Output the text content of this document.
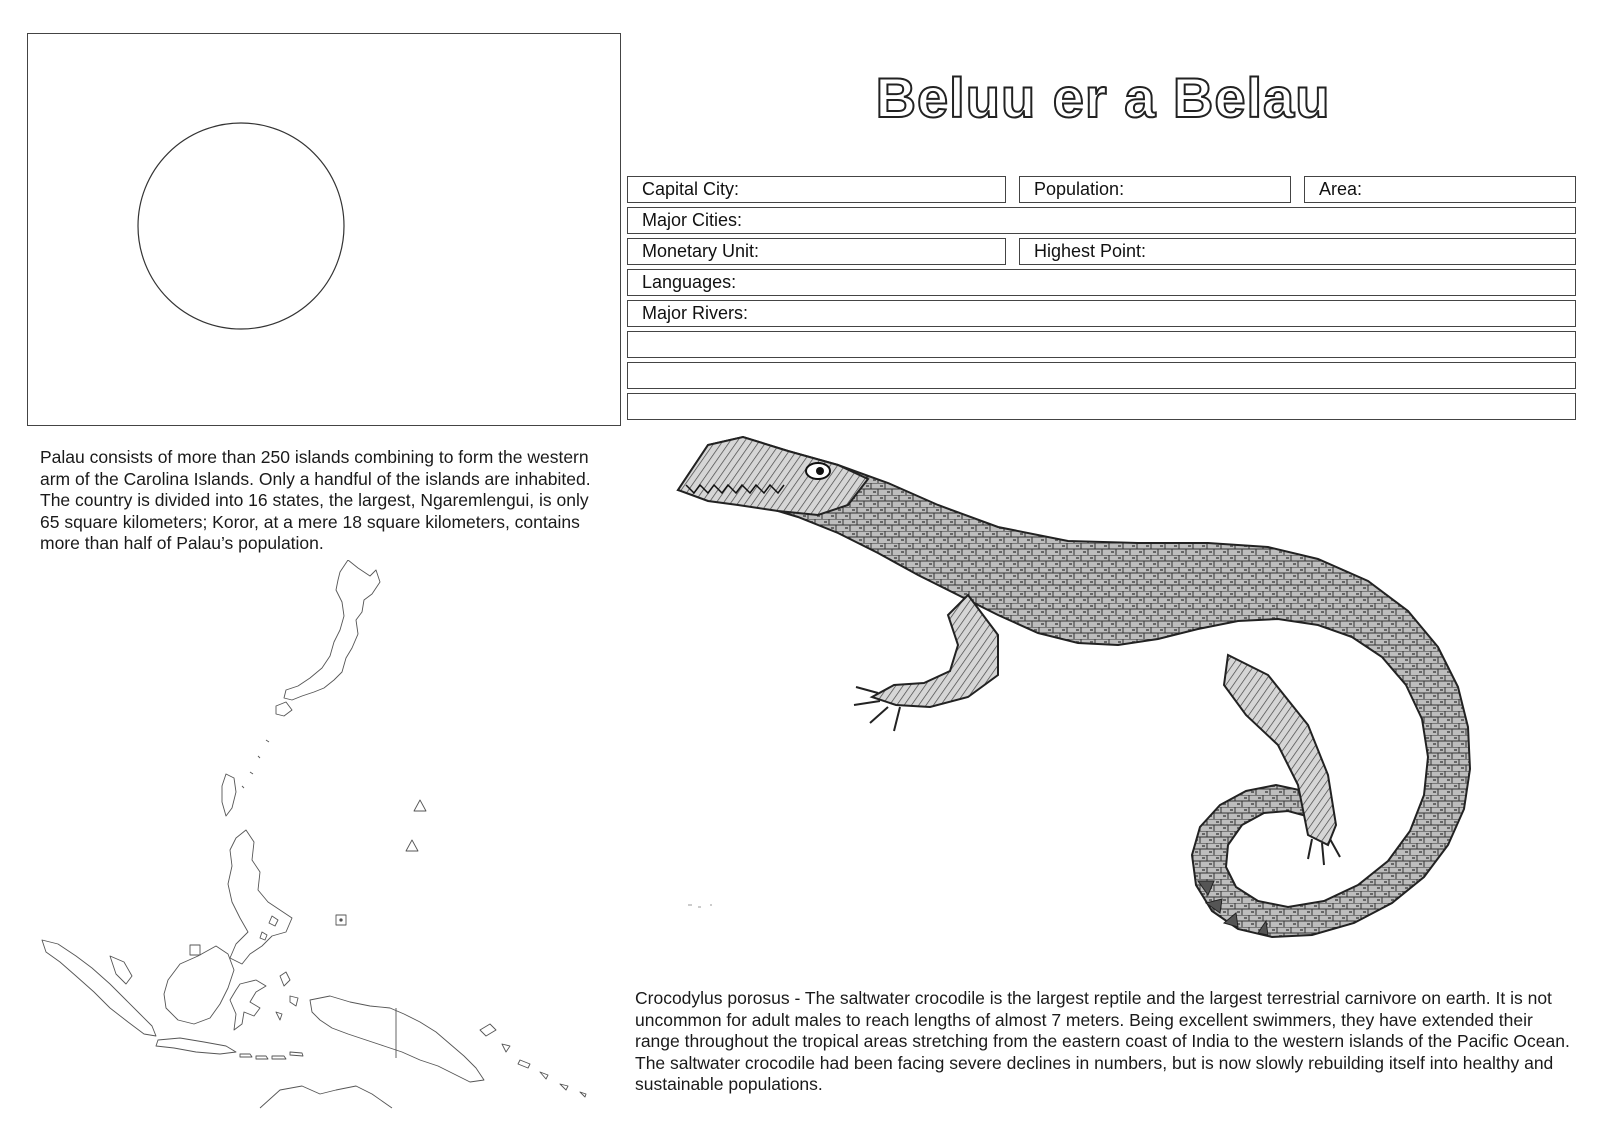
Beluu er a Belau
Capital City:	Population:	Area:
Major Cities:
Monetary Unit:	Highest Point:
Languages:
Major Rivers:

Palau consists of more than 250 islands combining to form the western arm of the Carolina Islands. Only a handful of the islands are inhabited. The country is divided into 16 states, the largest, Ngaremlengui, is only 65 square kilometers; Koror, at a mere 18 square kilometers, contains more than half of Palau’s population.

Crocodylus porosus - The saltwater crocodile is the largest reptile and the largest terrestrial carnivore on earth. It is not uncommon for adult males to reach lengths of almost 7 meters. Being excellent swimmers, they have extended their range throughout the tropical areas stretching from the eastern coast of India to the western islands of the Pacific Ocean. The saltwater crocodile had been facing severe declines in numbers, but is now slowly rebuilding itself into healthy and sustainable populations.
